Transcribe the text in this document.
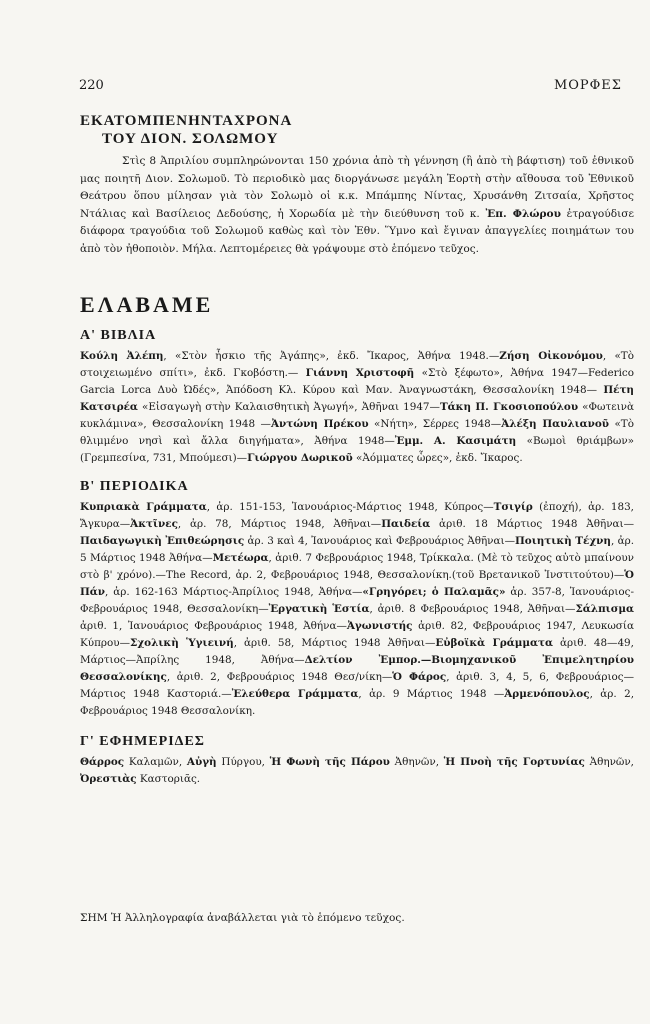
220	ΜΟΡΦΕΣ
ΕΚΑΤΟΜΠΕΝΗΝΤΑΧΡΟΝΑ
ΤΟΥ ΔΙΟΝ. ΣΟΛΩΜΟΥ

Στὶς 8 Ἀπριλίου συμπληρώνονται 150 χρόνια ἀπὸ τὴ γέννηση (ἢ ἀπὸ τὴ βάφτιση) τοῦ ἐθνικοῦ μας ποιητῆ Διον. Σολωμοῦ. Τὸ περιοδικὸ μας διοργάνωσε μεγάλη Ἑορτὴ στὴν αἴθουσα τοῦ Ἐθνικοῦ Θεάτρου ὅπου μίλησαν γιὰ τὸν Σολωμὸ οἱ κ.κ. Μπάμπης Νίντας, Χρυσάνθη Ζιτσαία, Χρῆστος Ντάλιας καὶ Βασίλειος Δεδούσης, ἡ Χορωδία μὲ τὴν διεύθυνση τοῦ κ. Ἐπ. Φλώρου ἐτραγούδισε διάφορα τραγούδια τοῦ Σολωμοῦ καθὼς καὶ τὸν Ἐθν. Ὕμνο καὶ ἔγιναν ἀπαγγελίες ποιημάτων του ἀπὸ τὸν ἠθοποιὸν. Μήλα. Λεπτομέρειες θὰ γράψουμε στὸ ἑπόμενο τεῦχος.

ΕΛΑΒΑΜΕ
Α' ΒΙΒΛΙΑ

Κούλη Ἀλέπη, «Στὸν ἦσκιο τῆς Ἀγάπης», ἐκδ. Ἴκαρος, Ἀθήνα 1948.—Ζήση Οἰκονόμου, «Τὸ στοιχειωμένο σπίτι», ἐκδ. Γκοβόστη.— Γιάννη Χριστοφῆ «Στὸ ξέφωτο», Ἀθήνα 1947—Federico Garcia Lorca Δυὸ Ὠδές», Ἀπόδοση Κλ. Κύρου καὶ Μαν. Ἀναγνωστάκη, Θεσσαλονίκη 1948— Πέτη Κατσιρέα «Εἰσαγωγὴ στὴν Καλαισθητικὴ Ἀγωγή», Ἀθῆναι 1947—Τάκη Π. Γκοσιοπούλου «Φωτεινὰ κυκλάμινα», Θεσσαλονίκη 1948 —Ἀντώνη Πρέκου «Νήτη», Σέρρες 1948—Ἀλέξη Παυλιανοῦ «Τὸ θλιμμένο νησὶ καὶ ἄλλα διηγήματα», Ἀθήνα 1948—Ἐμμ. Α. Κασιμάτη «Βωμοὶ θριάμβων» (Γρεμπεσίνα, 731, Μπούμεσι)—Γιώργου Δωρικοῦ «Ἀόμματες ὧρες», ἐκδ. Ἴκαρος.

Β' ΠΕΡΙΟΔΙΚΑ

Κυπριακὰ Γράμματα, ἀρ. 151-153, Ἰανουάριος-Μάρτιος 1948, Κύπρος—Τσιγίρ (ἐποχή), ἀρ. 183, Ἄγκυρα—Ἀκτῖνες, ἀρ. 78, Μάρτιος 1948, Ἀθῆναι—Παιδεία ἀριθ. 18 Μάρτιος 1948 Ἀθῆναι—Παιδαγωγικὴ Ἐπιθεώρησις ἀρ. 3 καὶ 4, Ἰανουάριος καὶ Φεβρουάριος Ἀθῆναι—Ποιητικὴ Τέχνη, ἀρ. 5 Μάρτιος 1948 Ἀθήνα—Μετέωρα, ἀριθ. 7 Φεβρουάριος 1948, Τρίκκαλα. (Μὲ τὸ τεῦχος αὐτὸ μπαίνουν στὸ β' χρόνο).—The Record, ἀρ. 2, Φεβρουάριος 1948, Θεσσαλονίκη.(τοῦ Βρετανικοῦ Ἰνστιτούτου)—Ὁ Πάν, ἀρ. 162-163 Μάρτιος-Ἀπρίλιος 1948, Ἀθήνα—«Γρηγόρει; ὁ Παλαμᾶς» ἀρ. 357-8, Ἰανουάριος-Φεβρουάριος 1948, Θεσσαλονίκη—Ἐργατικὴ Ἑστία, ἀριθ. 8 Φεβρουάριος 1948, Ἀθῆναι—Σάλπισμα ἀριθ. 1, Ἰανουάριος Φεβρουάριος 1948, Ἀθήνα—Ἀγωνιστής ἀριθ. 82, Φεβρουάριος 1947, Λευκωσία Κύπρου—Σχολικὴ Ὑγιεινή, ἀριθ. 58, Μάρτιος 1948 Ἀθῆναι—Εὐβοϊκὰ Γράμματα ἀριθ. 48—49, Μάρτιος—Ἀπρίλης 1948, Ἀθήνα—Δελτίον Ἐμπορ.—Βιομηχανικοῦ Ἐπιμελητηρίου Θεσσαλονίκης, ἀριθ. 2, Φεβρουάριος 1948 Θεσ/νίκη—Ὁ Φάρος, ἀριθ. 3, 4, 5, 6, Φεβρουάριος—Μάρτιος 1948 Καστοριά.—Ἐλεύθερα Γράμματα, ἀρ. 9 Μάρτιος 1948 —Ἀρμενόπουλος, ἀρ. 2, Φεβρουάριος 1948 Θεσσαλονίκη.

Γ' ΕΦΗΜΕΡΙΔΕΣ

Θάρρος Καλαμῶν, Αὐγὴ Πύργου, Ἡ Φωνὴ τῆς Πάρου Ἀθηνῶν, Ἡ Πνοὴ τῆς Γορτυνίας Ἀθηνῶν, Ὀρεστιὰς Καστοριᾶς.

ΣΗΜ Ἡ Ἀλληλογραφία ἀναβάλλεται γιὰ τὸ ἑπόμενο τεῦχος.
